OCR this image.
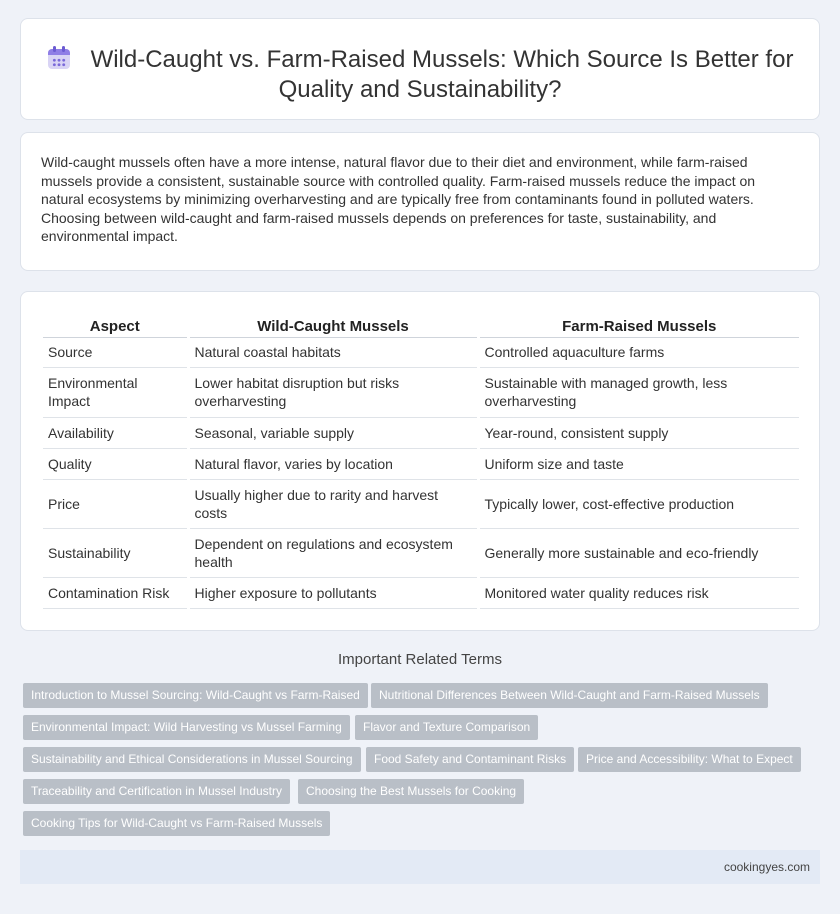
Wild-Caught vs. Farm-Raised Mussels: Which Source Is Better for Quality and Sustainability?

Wild-caught mussels often have a more intense, natural flavor due to their diet and environment, while farm-raised mussels provide a consistent, sustainable source with controlled quality. Farm-raised mussels reduce the impact on natural ecosystems by minimizing overharvesting and are typically free from contaminants found in polluted waters. Choosing between wild-caught and farm-raised mussels depends on preferences for taste, sustainability, and environmental impact.

Aspect	Wild-Caught Mussels	Farm-Raised Mussels
Source	Natural coastal habitats	Controlled aquaculture farms
Environmental Impact	Lower habitat disruption but risks overharvesting	Sustainable with managed growth, less overharvesting
Availability	Seasonal, variable supply	Year-round, consistent supply
Quality	Natural flavor, varies by location	Uniform size and taste
Price	Usually higher due to rarity and harvest costs	Typically lower, cost-effective production
Sustainability	Dependent on regulations and ecosystem health	Generally more sustainable and eco-friendly
Contamination Risk	Higher exposure to pollutants	Monitored water quality reduces risk
Important Related Terms
Introduction to Mussel Sourcing: Wild-Caught vs Farm-Raised	Nutritional Differences Between Wild-Caught and Farm-Raised Mussels
Environmental Impact: Wild Harvesting vs Mussel Farming	Flavor and Texture Comparison
Sustainability and Ethical Considerations in Mussel Sourcing	Food Safety and Contaminant Risks	Price and Accessibility: What to Expect
Traceability and Certification in Mussel Industry	Choosing the Best Mussels for Cooking
Cooking Tips for Wild-Caught vs Farm-Raised Mussels
cookingyes.com
